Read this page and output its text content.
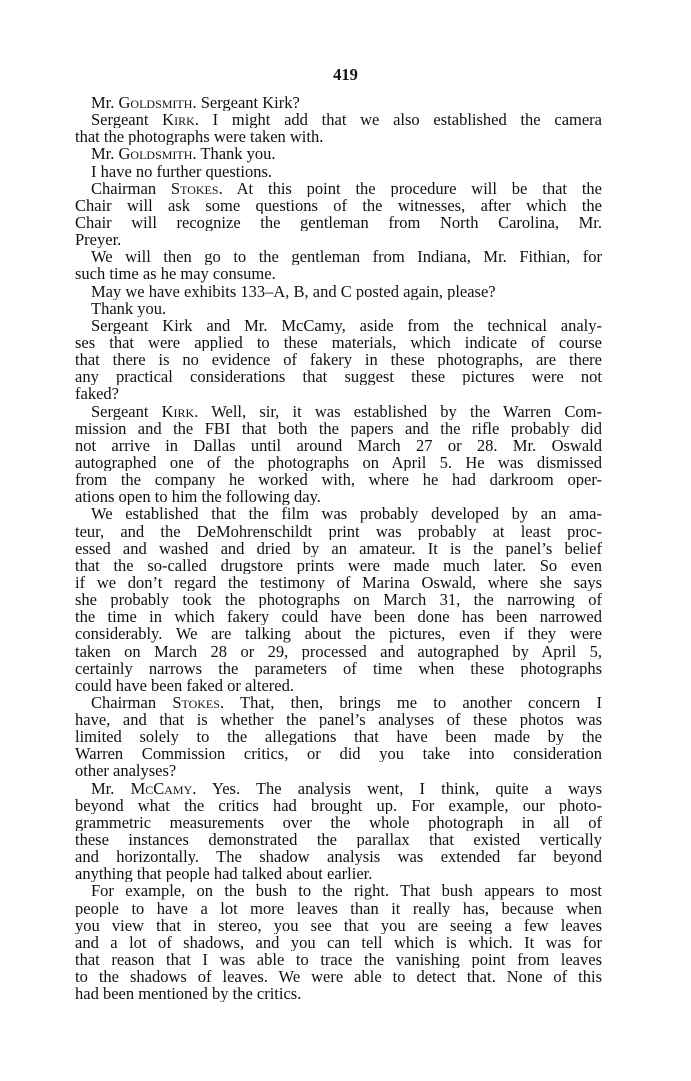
419
Mr. Goldsmith. Sergeant Kirk?
Sergeant Kirk. I might add that we also established the camera
that the photographs were taken with.
Mr. Goldsmith. Thank you.
I have no further questions.
Chairman Stokes. At this point the procedure will be that the
Chair will ask some questions of the witnesses, after which the
Chair will recognize the gentleman from North Carolina, Mr.
Preyer.
We will then go to the gentleman from Indiana, Mr. Fithian, for
such time as he may consume.
May we have exhibits 133–A, B, and C posted again, please?
Thank you.
Sergeant Kirk and Mr. McCamy, aside from the technical analy-
ses that were applied to these materials, which indicate of course
that there is no evidence of fakery in these photographs, are there
any practical considerations that suggest these pictures were not
faked?
Sergeant Kirk. Well, sir, it was established by the Warren Com-
mission and the FBI that both the papers and the rifle probably did
not arrive in Dallas until around March 27 or 28. Mr. Oswald
autographed one of the photographs on April 5. He was dismissed
from the company he worked with, where he had darkroom oper-
ations open to him the following day.
We established that the film was probably developed by an ama-
teur, and the DeMohrenschildt print was probably at least proc-
essed and washed and dried by an amateur. It is the panel’s belief
that the so-called drugstore prints were made much later. So even
if we don’t regard the testimony of Marina Oswald, where she says
she probably took the photographs on March 31, the narrowing of
the time in which fakery could have been done has been narrowed
considerably. We are talking about the pictures, even if they were
taken on March 28 or 29, processed and autographed by April 5,
certainly narrows the parameters of time when these photographs
could have been faked or altered.
Chairman Stokes. That, then, brings me to another concern I
have, and that is whether the panel’s analyses of these photos was
limited solely to the allegations that have been made by the
Warren Commission critics, or did you take into consideration
other analyses?
Mr. McCamy. Yes. The analysis went, I think, quite a ways
beyond what the critics had brought up. For example, our photo-
grammetric measurements over the whole photograph in all of
these instances demonstrated the parallax that existed vertically
and horizontally. The shadow analysis was extended far beyond
anything that people had talked about earlier.
For example, on the bush to the right. That bush appears to most
people to have a lot more leaves than it really has, because when
you view that in stereo, you see that you are seeing a few leaves
and a lot of shadows, and you can tell which is which. It was for
that reason that I was able to trace the vanishing point from leaves
to the shadows of leaves. We were able to detect that. None of this
had been mentioned by the critics.
